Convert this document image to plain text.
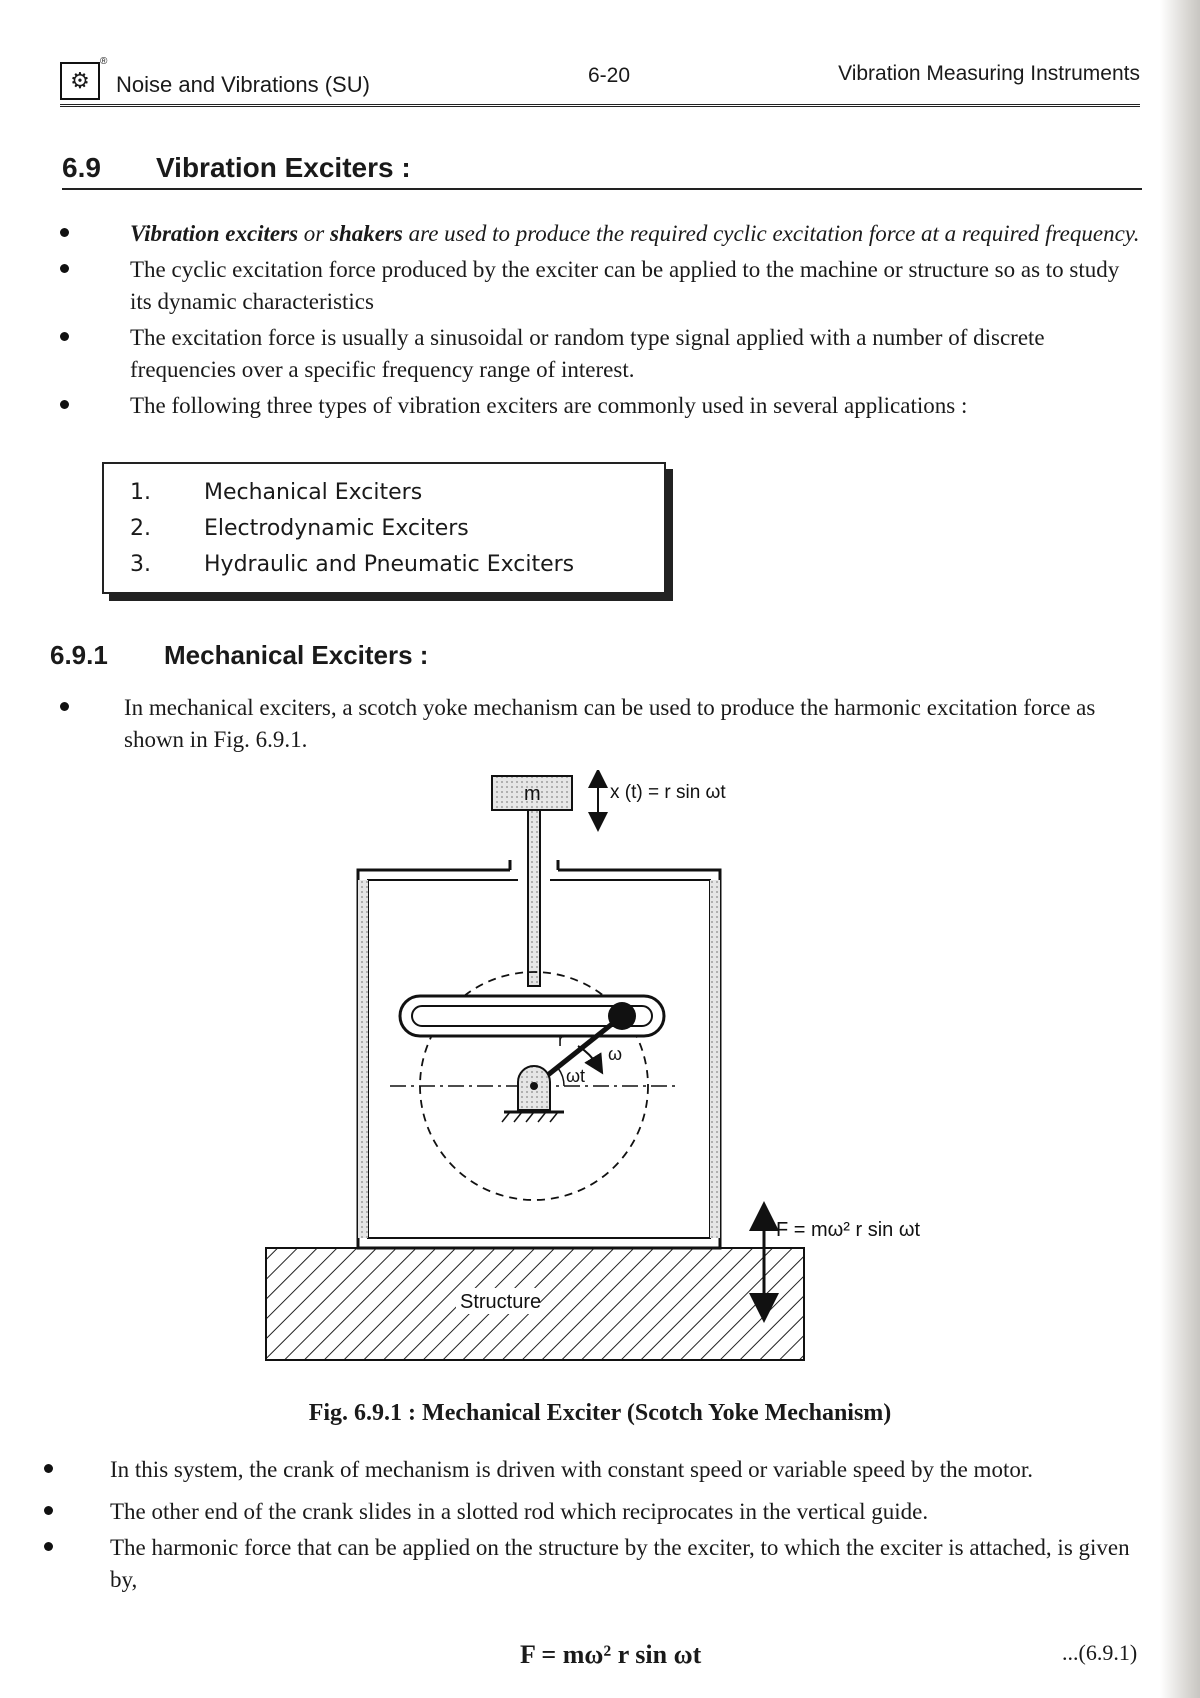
⚙
®
Noise and Vibrations (SU)	6-20	Vibration Measuring Instruments
6.9 Vibration Exciters :
Vibration exciters or shakers are used to produce the required cyclic excitation force at a required frequency.
The cyclic excitation force produced by the exciter can be applied to the machine or structure so as to study its dynamic characteristics
The excitation force is usually a sinusoidal or random type signal applied with a number of discrete frequencies over a specific frequency range of interest.
The following three types of vibration exciters are commonly used in several applications :
1. Mechanical Exciters
2. Electrodynamic Exciters
3. Hydraulic and Pneumatic Exciters
6.9.1 Mechanical Exciters :
In mechanical exciters, a scotch yoke mechanism can be used to produce the harmonic excitation force as shown in Fig. 6.9.1.
m	x (t) = r sin ωt
ωt
r
ω
Structure
F = mω² r sin ωt
Fig. 6.9.1 : Mechanical Exciter (Scotch Yoke Mechanism)
In this system, the crank of mechanism is driven with constant speed or variable speed by the motor.
The other end of the crank slides in a slotted rod which reciprocates in the vertical guide.
The harmonic force that can be applied on the structure by the exciter, to which the exciter is attached, is given by,
F = mω² r sin ωt	...(6.9.1)
